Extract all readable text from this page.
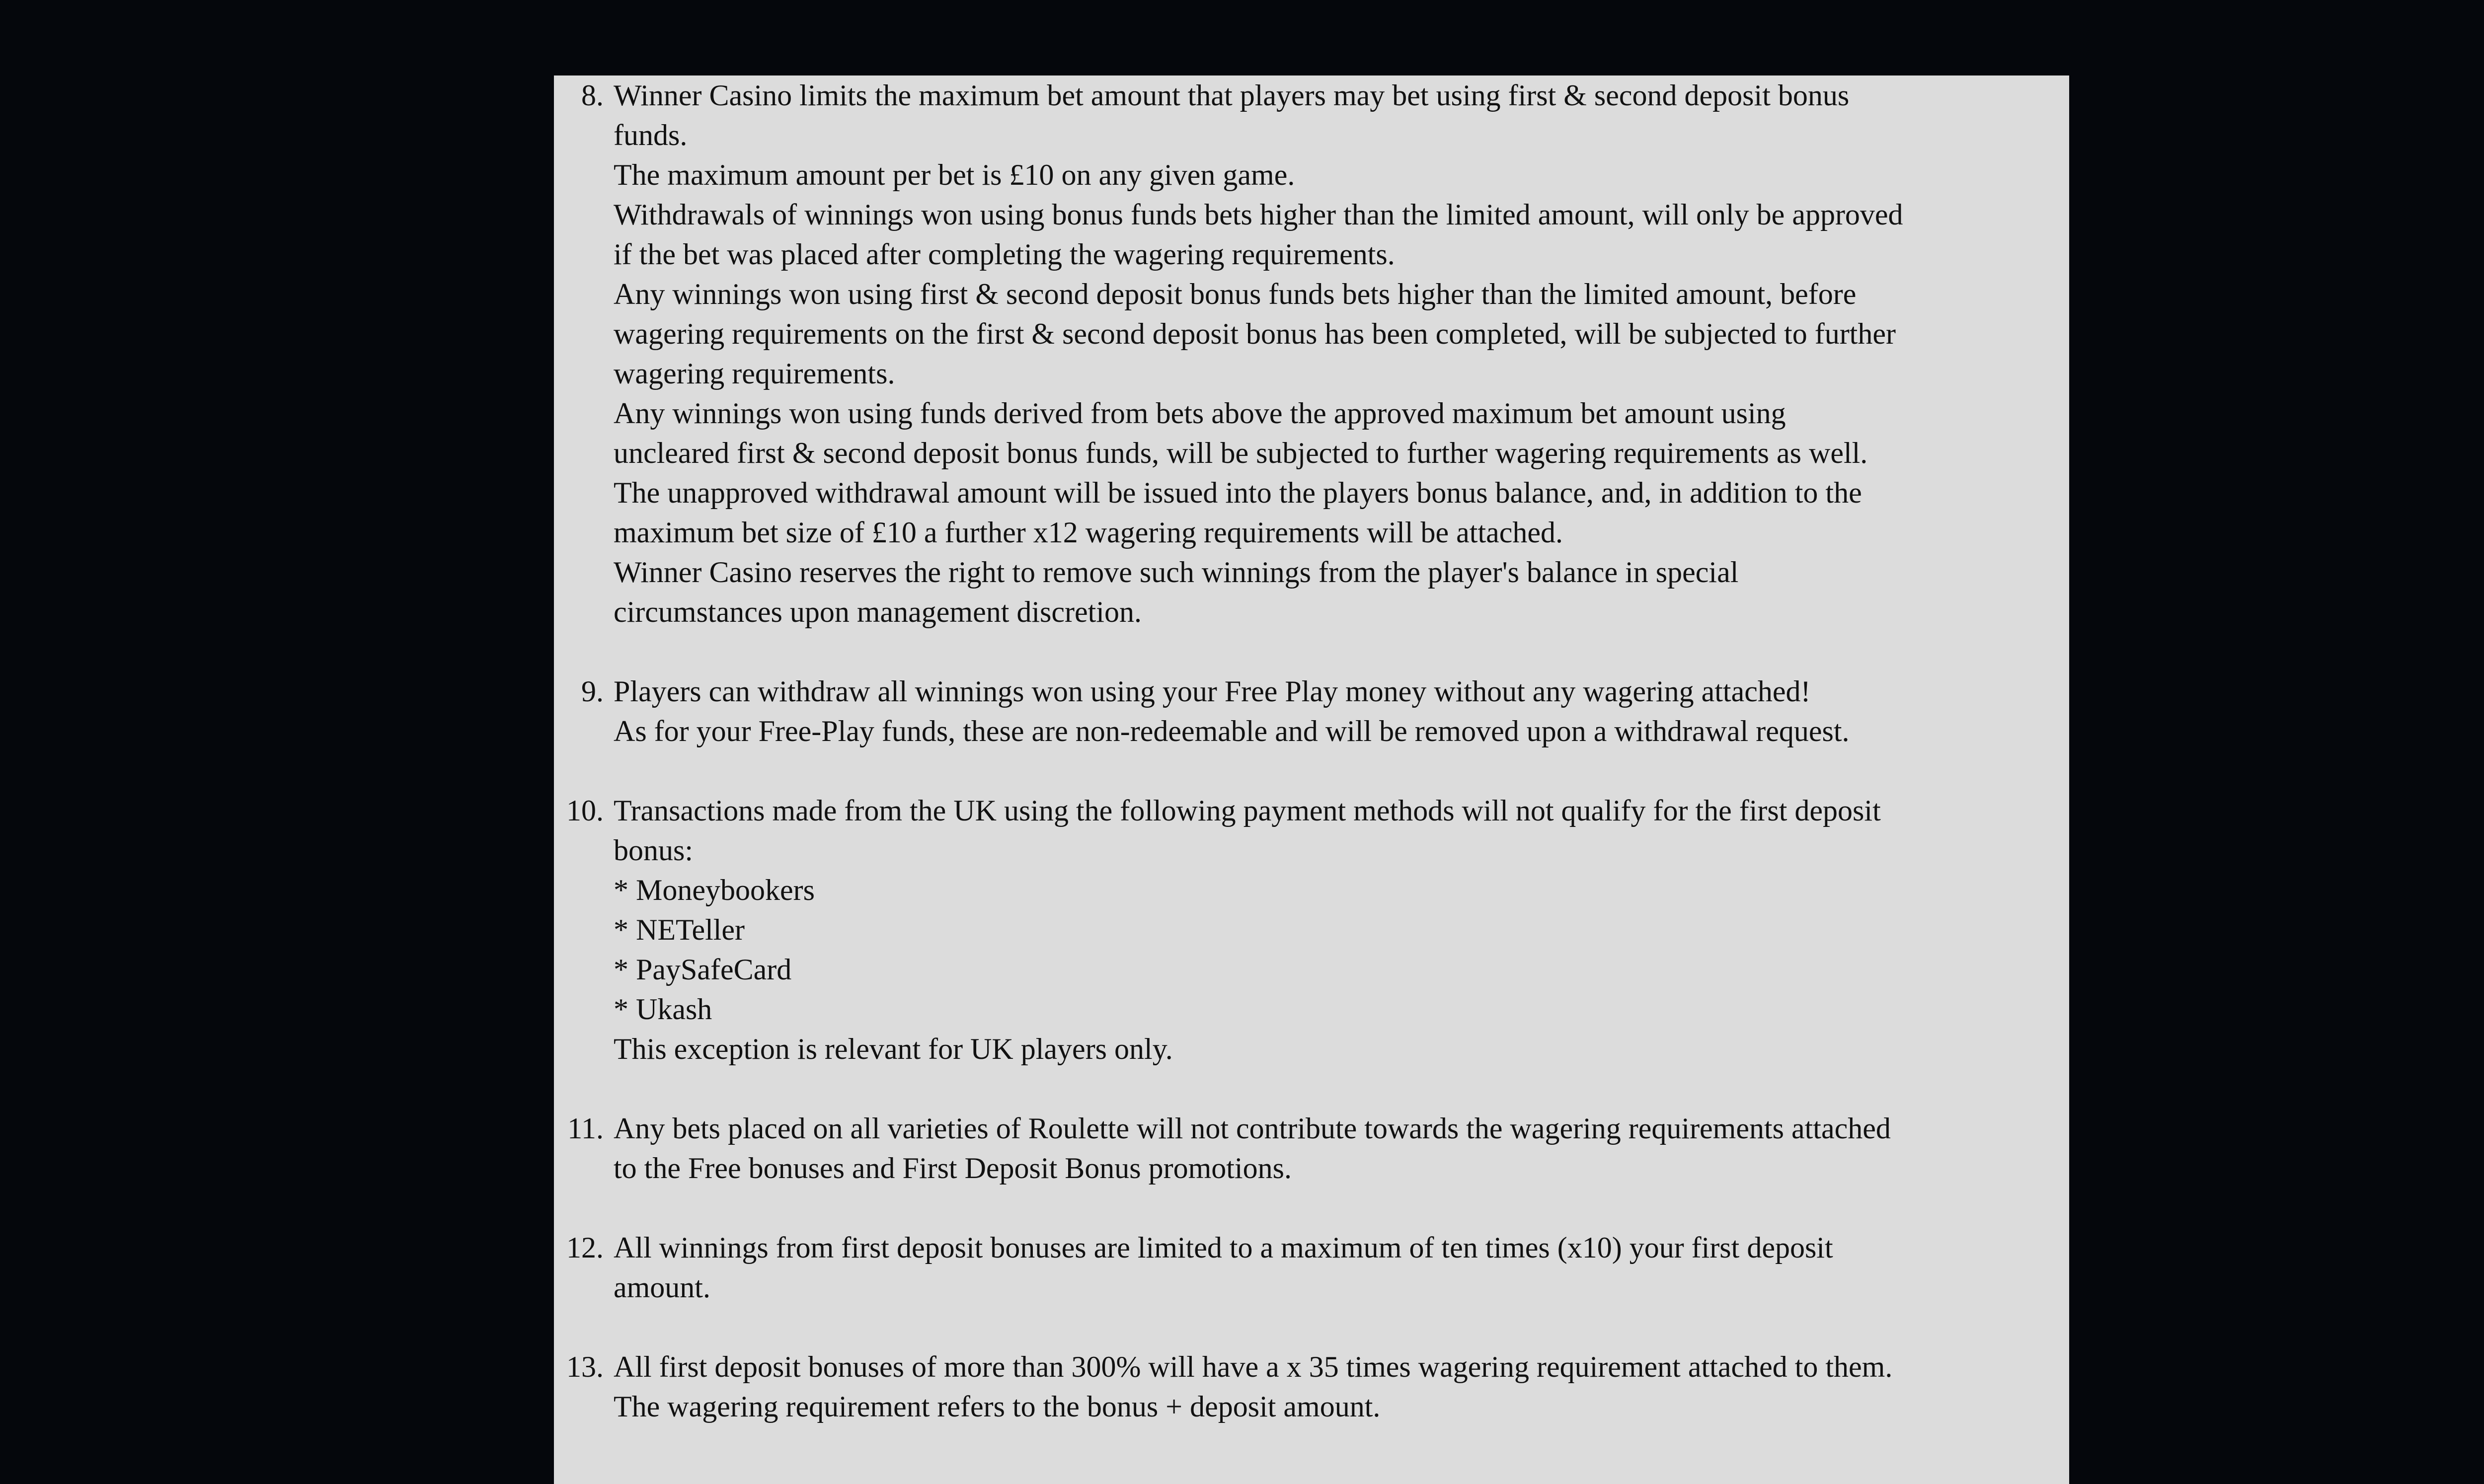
8. Winner Casino limits the maximum bet amount that players may bet using first & second deposit bonus
funds.
The maximum amount per bet is £10 on any given game.
Withdrawals of winnings won using bonus funds bets higher than the limited amount, will only be approved
if the bet was placed after completing the wagering requirements.
Any winnings won using first & second deposit bonus funds bets higher than the limited amount, before
wagering requirements on the first & second deposit bonus has been completed, will be subjected to further
wagering requirements.
Any winnings won using funds derived from bets above the approved maximum bet amount using
uncleared first & second deposit bonus funds, will be subjected to further wagering requirements as well.
The unapproved withdrawal amount will be issued into the players bonus balance, and, in addition to the
maximum bet size of £10 a further x12 wagering requirements will be attached.
Winner Casino reserves the right to remove such winnings from the player's balance in special
circumstances upon management discretion.
9. Players can withdraw all winnings won using your Free Play money without any wagering attached!
As for your Free-Play funds, these are non-redeemable and will be removed upon a withdrawal request.
10. Transactions made from the UK using the following payment methods will not qualify for the first deposit
bonus:
* Moneybookers
* NETeller
* PaySafeCard
* Ukash
This exception is relevant for UK players only.
11. Any bets placed on all varieties of Roulette will not contribute towards the wagering requirements attached
to the Free bonuses and First Deposit Bonus promotions.
12. All winnings from first deposit bonuses are limited to a maximum of ten times (x10) your first deposit
amount.
13. All first deposit bonuses of more than 300% will have a x 35 times wagering requirement attached to them.
The wagering requirement refers to the bonus + deposit amount.
